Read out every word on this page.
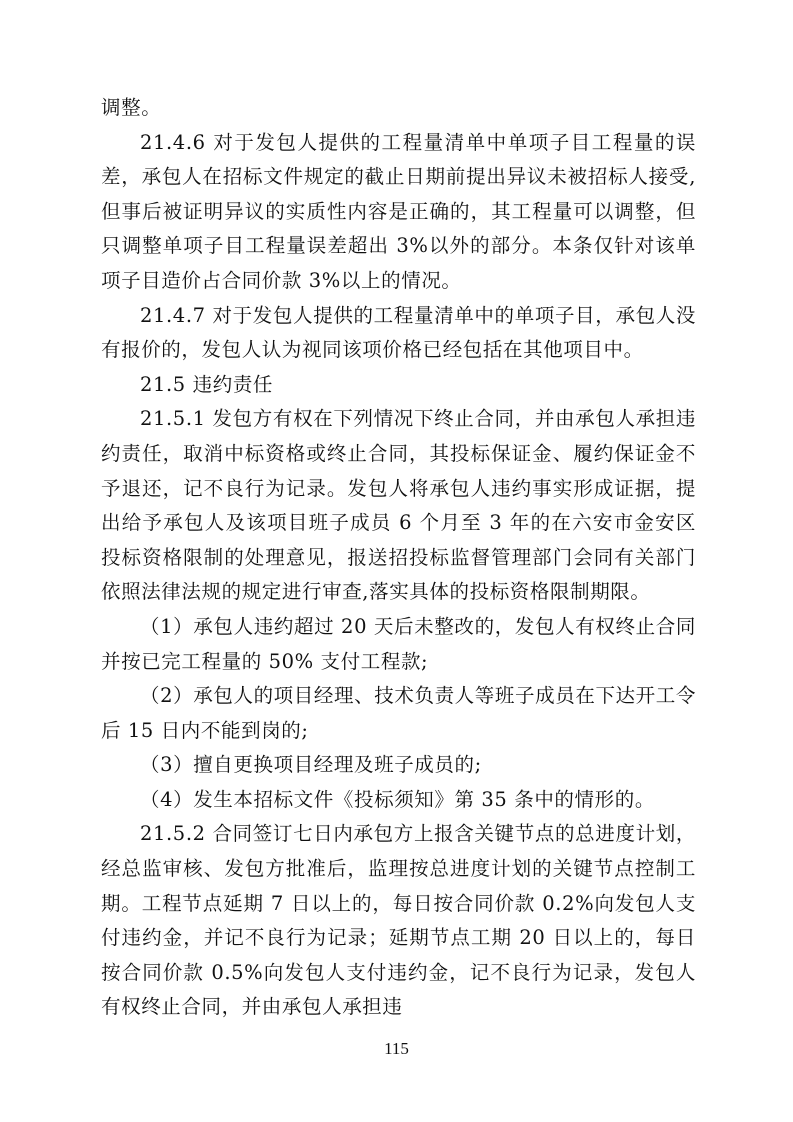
调整。

21.4.6 对于发包人提供的工程量清单中单项子目工程量的误差，承包人在招标文件规定的截止日期前提出异议未被招标人接受,但事后被证明异议的实质性内容是正确的，其工程量可以调整，但只调整单项子目工程量误差超出 3%以外的部分。本条仅针对该单项子目造价占合同价款 3%以上的情况。

21.4.7 对于发包人提供的工程量清单中的单项子目，承包人没有报价的，发包人认为视同该项价格已经包括在其他项目中。

21.5 违约责任

21.5.1 发包方有权在下列情况下终止合同，并由承包人承担违约责任，取消中标资格或终止合同，其投标保证金、履约保证金不予退还，记不良行为记录。发包人将承包人违约事实形成证据，提出给予承包人及该项目班子成员 6 个月至 3 年的在六安市金安区投标资格限制的处理意见，报送招投标监督管理部门会同有关部门依照法律法规的规定进行审查,落实具体的投标资格限制期限。

（1）承包人违约超过 20 天后未整改的，发包人有权终止合同并按已完工程量的 50% 支付工程款;

（2）承包人的项目经理、技术负责人等班子成员在下达开工令后 15 日内不能到岗的;

（3）擅自更换项目经理及班子成员的;

（4）发生本招标文件《投标须知》第 35 条中的情形的。

21.5.2 合同签订七日内承包方上报含关键节点的总进度计划，经总监审核、发包方批准后，监理按总进度计划的关键节点控制工期。工程节点延期 7 日以上的，每日按合同价款 0.2%向发包人支付违约金，并记不良行为记录；延期节点工期 20 日以上的，每日按合同价款 0.5%向发包人支付违约金，记不良行为记录，发包人有权终止合同，并由承包人承担违

115
